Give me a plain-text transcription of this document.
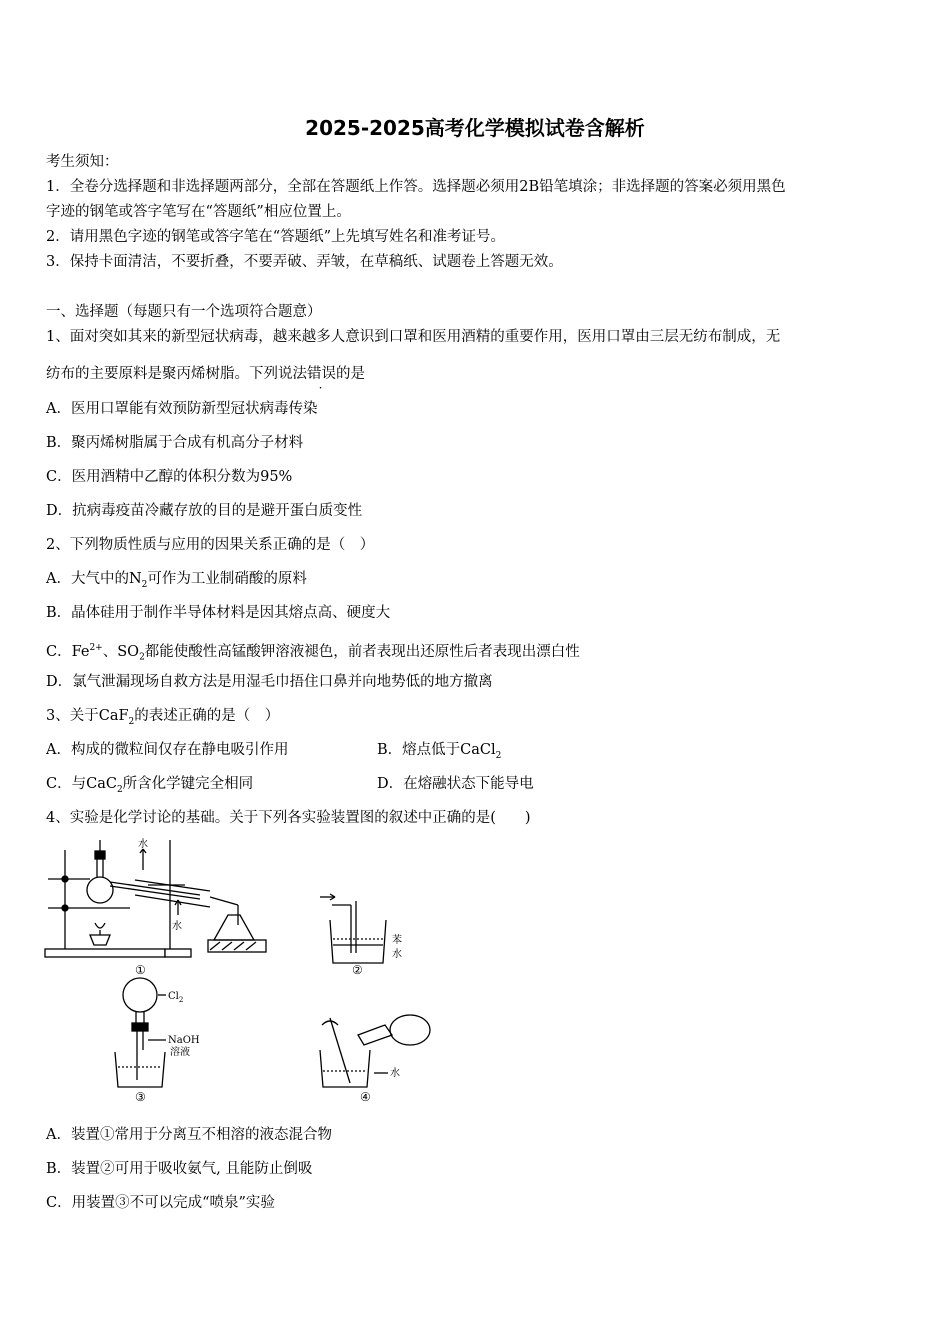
2025-2025高考化学模拟试卷含解析
考生须知：
1．全卷分选择题和非选择题两部分，全部在答题纸上作答。选择题必须用2B铅笔填涂；非选择题的答案必须用黑色
字迹的钢笔或答字笔写在“答题纸”相应位置上。
2．请用黑色字迹的钢笔或答字笔在“答题纸”上先填写姓名和准考证号。
3．保持卡面清洁，不要折叠，不要弄破、弄皱，在草稿纸、试题卷上答题无效。
一、选择题（每题只有一个选项符合题意）
1、面对突如其来的新型冠状病毒，越来越多人意识到口罩和医用酒精的重要作用，医用口罩由三层无纺布制成，无
纺布的主要原料是聚丙烯树脂。下列说法错误的是
A．医用口罩能有效预防新型冠状病毒传染
B．聚丙烯树脂属于合成有机高分子材料
C．医用酒精中乙醇的体积分数为95%
D．抗病毒疫苗冷藏存放的目的是避开蛋白质变性
2、下列物质性质与应用的因果关系正确的是（　）
A．大气中的$N_2$可作为工业制硝酸的原料
B．晶体硅用于制作半导体材料是因其熔点高、硬度大
C．$Fe^{2+}$、$SO_2$都能使酸性高锰酸钾溶液褪色，前者表现出还原性后者表现出漂白性
D．氯气泄漏现场自救方法是用湿毛巾捂住口鼻并向地势低的地方撤离
3、关于CaF$_2$的表述正确的是（　）
A．构成的微粒间仅存在静电吸引作用	B．熔点低于CaCl$_2$
C．与CaC$_2$所含化学键完全相同	D．在熔融状态下能导电
4、实验是化学讨论的基础。关于下列各实验装置图的叙述中正确的是(　　)
水
水
苯
水
$Cl_2$
NaOH
溶液
水
①	②
③	④
A．装置①常用于分离互不相溶的液态混合物
B．装置②可用于吸收氨气, 且能防止倒吸
C．用装置③不可以完成“喷泉”实验
